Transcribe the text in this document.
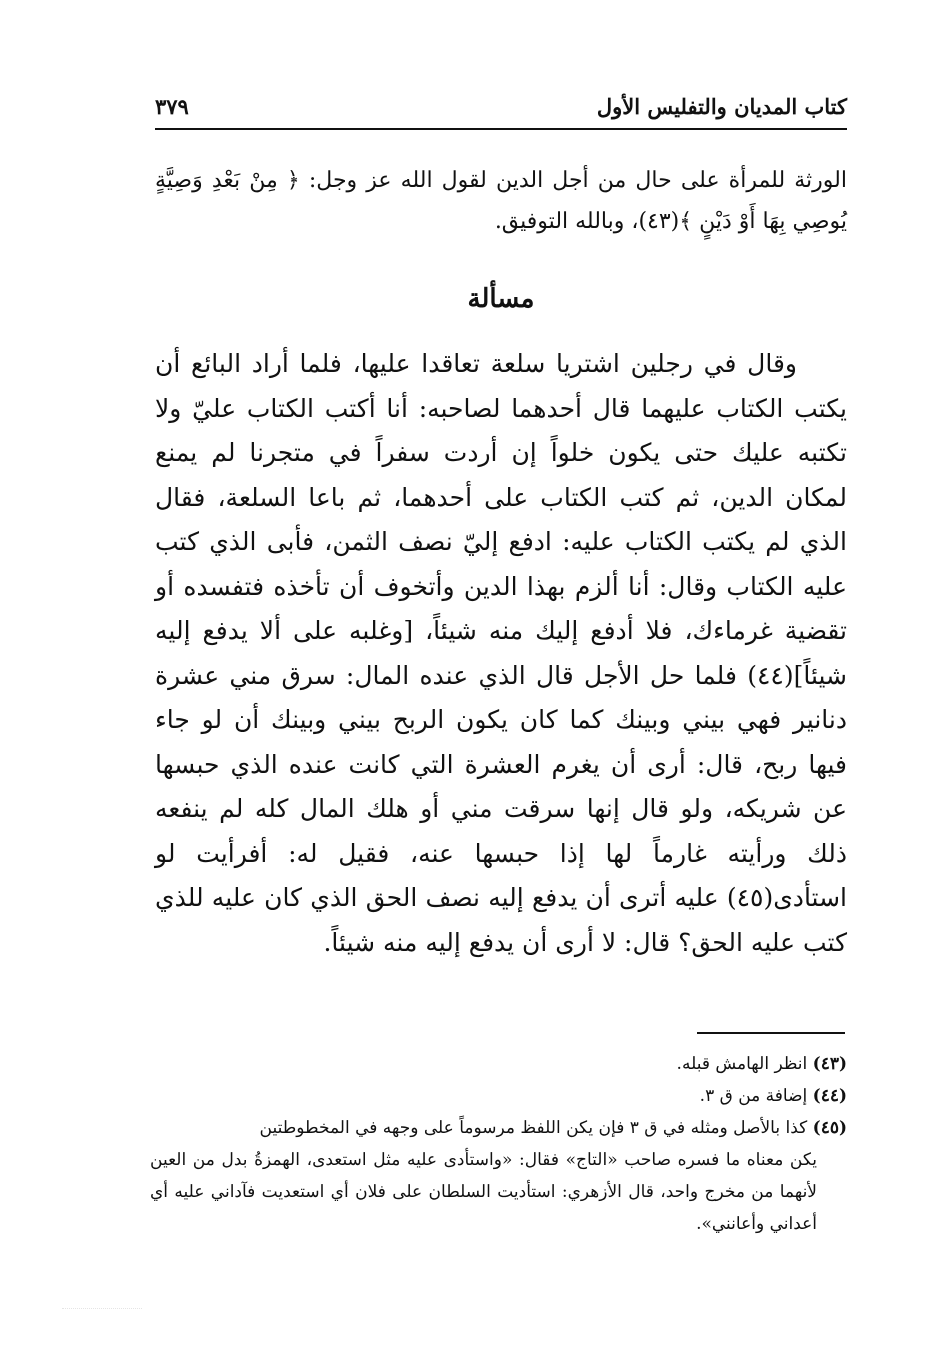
كتاب المديان والتفليس الأول
٣٧٩
الورثة للمرأة على حال من أجل الدين لقول الله عز وجل: ﴿ مِنْ بَعْدِ وَصِيَّةٍ يُوصِي بِهَا أَوْ دَيْنٍ ﴾(٤٣)، وبالله التوفيق.
مسألة
وقال في رجلين اشتريا سلعة تعاقدا عليها، فلما أراد البائع أن يكتب الكتاب عليهما قال أحدهما لصاحبه: أنا أكتب الكتاب عليّ ولا تكتبه عليك حتى يكون خلواً إن أردت سفراً في متجرنا لم يمنع لمكان الدين، ثم كتب الكتاب على أحدهما، ثم باعا السلعة، فقال الذي لم يكتب الكتاب عليه: ادفع إليّ نصف الثمن، فأبى الذي كتب عليه الكتاب وقال: أنا ألزم بهذا الدين وأتخوف أن تأخذه فتفسده أو تقضية غرماءك، فلا أدفع إليك منه شيئاً، [وغلبه على ألا يدفع إليه شيئاً](٤٤) فلما حل الأجل قال الذي عنده المال: سرق مني عشرة دنانير فهي بيني وبينك كما كان يكون الربح بيني وبينك أن لو جاء فيها ربح، قال: أرى أن يغرم العشرة التي كانت عنده الذي حبسها عن شريكه، ولو قال إنها سرقت مني أو هلك المال كله لم ينفعه ذلك ورأيته غارماً لها إذا حبسها عنه، فقيل له: أفرأيت لو استأدى(٤٥) عليه أترى أن يدفع إليه نصف الحق الذي كان عليه للذي كتب عليه الحق؟ قال: لا أرى أن يدفع إليه منه شيئاً.
(٤٣) انظر الهامش قبله.
(٤٤) إضافة من ق ٣.
(٤٥) كذا بالأصل ومثله في ق ٣ فإن يكن اللفظ مرسوماً على وجهه في المخطوطتين
يكن معناه ما فسره صاحب «التاج» فقال: «واستأدى عليه مثل استعدى، الهمزةُ بدل من العين لأنهما من مخرج واحد، قال الأزهري: استأديت السلطان على فلان أي استعديت فآداني عليه أي أعداني وأعانني».
